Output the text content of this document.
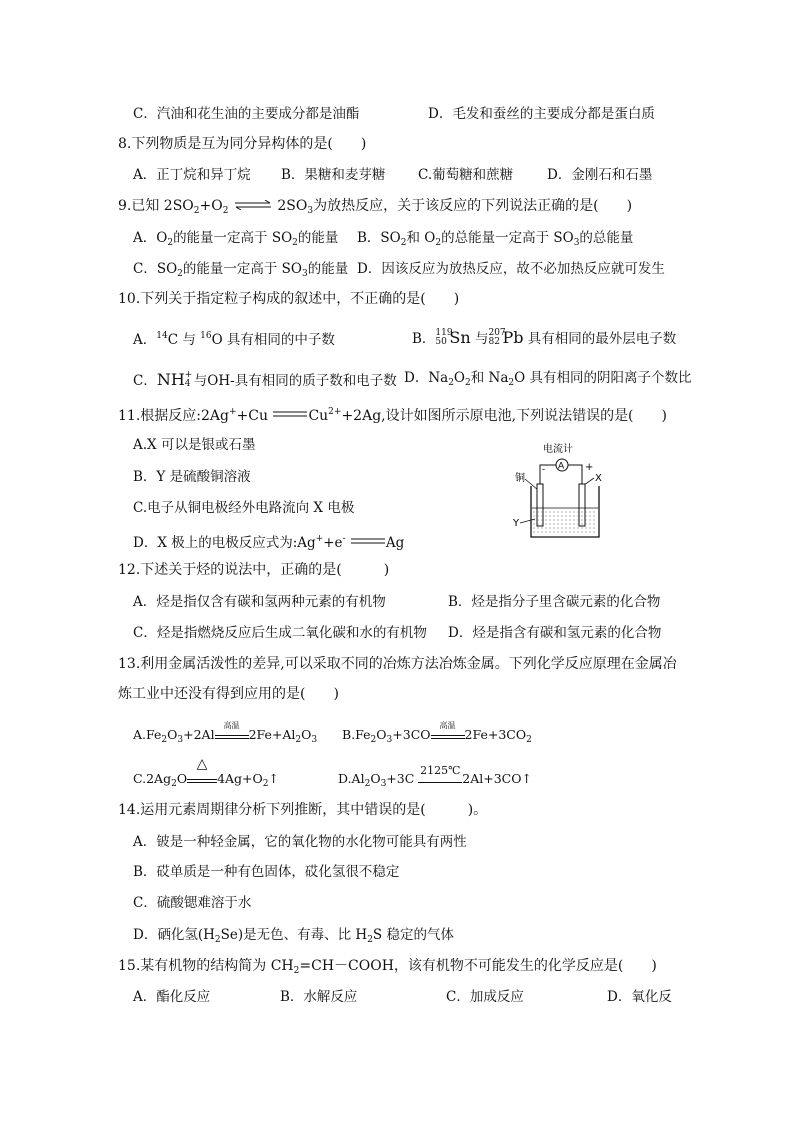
C．汽油和花生油的主要成分都是油酯	D．毛发和蚕丝的主要成分都是蛋白质
8.下列物质是互为同分异构体的是(　　)
A．正丁烷和异丁烷 B．果糖和麦芽糖 C.葡萄糖和蔗糖	D．金刚石和石墨
9.已知 $2SO_2+O_2$ ⇌ $2SO_3$为放热反应，关于该反应的下列说法正确的是(　　)
A．$O_2$的能量一定高于 $SO_2$的能量 B．$SO_2$和 $O_2$的总能量一定高于 $SO_3$的总能量
C．$SO_2$的能量一定高于 $SO_3$的能量 D．因该反应为放热反应，故不必加热反应就可发生
10.下列关于指定粒子构成的叙述中，不正确的是(　　)
A．$^{14}$C 与 $^{16}$O 具有相同的中子数	B． 119
50 Sn 与 207
82 Pb 具有相同的最外层电子数
C．NH +
4 与OH-具有相同的质子数和电子数 D．$Na_2O_2$和 $Na_2O$ 具有相同的阴阳离子个数比
11.根据反应:2Ag++Cu	$Cu^{2+}+2Ag$,设计如图所示原电池,下列说法错误的是(　　)
A.X 可以是银或石墨
B．Y 是硫酸铜溶液
C.电子从铜电极经外电路流向 X 电极
D．X 极上的电极反应式为:Ag++e-	Ag
电流计
A
-	+
铜	X
Y
12.下述关于烃的说法中，正确的是(　　　)
A．烃是指仅含有碳和氢两种元素的有机物	B．烃是指分子里含碳元素的化合物
C．烃是指燃烧反应后生成二氧化碳和水的有机物 D．烃是指含有碳和氢元素的化合物
13.利用金属活泼性的差异,可以采取不同的冶炼方法冶炼金属。下列化学反应原理在金属冶
炼工业中还没有得到应用的是(　　)
$A.Fe_2O_3+2Al$
高温
$2Fe+Al_2O_3$ $B.Fe_2O_3+3CO$
高温
$2Fe+3CO_2$
$C.2Ag_2O$
△
$4Ag+O_2↑$	$D.Al_2O_3+3C$
2125℃
2Al+3CO↑
14.运用元素周期律分析下列推断，其中错误的是(　　　)。
A．铍是一种轻金属，它的氧化物的水化物可能具有两性
B．砹单质是一种有色固体，砹化氢很不稳定
C．硫酸锶难溶于水
D．硒化氢$(H_2Se)$是无色、有毒、比 $H_2S$ 稳定的气体
15.某有机物的结构简为 $CH_2=CH-COOH$，该有机物不可能发生的化学反应是(　　)
A．酯化反应	B．水解反应	C．加成反应	D．氧化反
